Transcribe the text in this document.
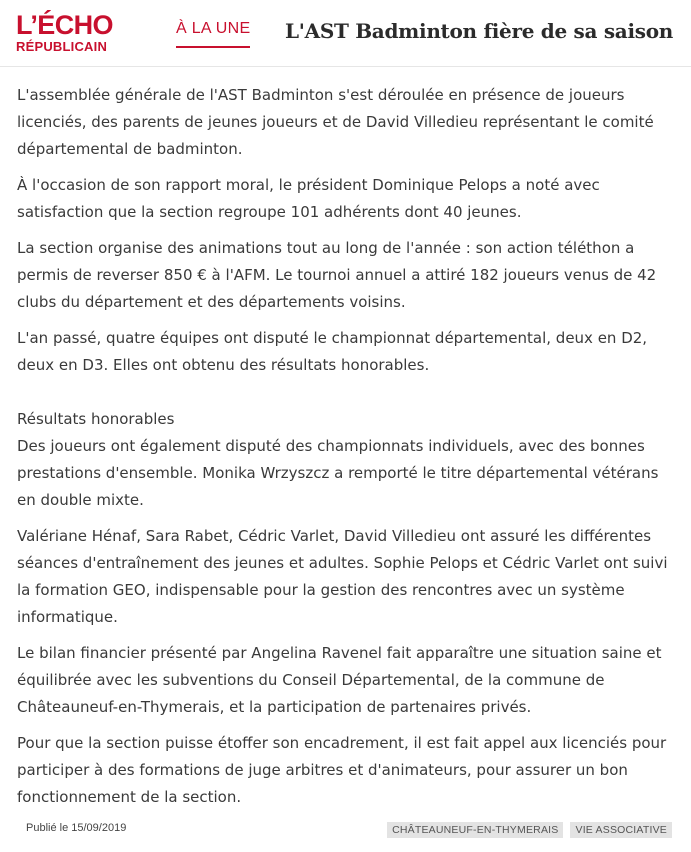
L’ÉCHO
RÉPUBLICAIN
À LA UNE L'AST Badminton fière de sa saison

L'assemblée générale de l'AST Badminton s'est déroulée en présence de joueurs licenciés, des parents de jeunes joueurs et de David Villedieu représentant le comité départemental de badminton.

À l'occasion de son rapport moral, le président Dominique Pelops a noté avec satisfaction que la section regroupe 101 adhérents dont 40 jeunes.

La section organise des animations tout au long de l'année : son action téléthon a permis de reverser 850 € à l'AFM. Le tournoi annuel a attiré 182 joueurs venus de 42 clubs du département et des départements voisins.

L'an passé, quatre équipes ont disputé le championnat départemental, deux en D2, deux en D3. Elles ont obtenu des résultats honorables.

Résultats honorables

Des joueurs ont également disputé des championnats individuels, avec des bonnes prestations d'ensemble. Monika Wrzyszcz a remporté le titre départemental vétérans en double mixte.

Valériane Hénaf, Sara Rabet, Cédric Varlet, David Villedieu ont assuré les différentes séances d'entraînement des jeunes et adultes. Sophie Pelops et Cédric Varlet ont suivi la formation GEO, indispensable pour la gestion des rencontres avec un système informatique.

Le bilan financier présenté par Angelina Ravenel fait apparaître une situation saine et équilibrée avec les subventions du Conseil Départemental, de la commune de Châteauneuf-en-Thymerais, et la participation de partenaires privés.

Pour que la section puisse étoffer son encadrement, il est fait appel aux licenciés pour participer à des formations de juge arbitres et d'animateurs, pour assurer un bon fonctionnement de la section.

Publié le 15/09/2019	CHÂTEAUNEUF-EN-THYMERAIS	VIE ASSOCIATIVE
